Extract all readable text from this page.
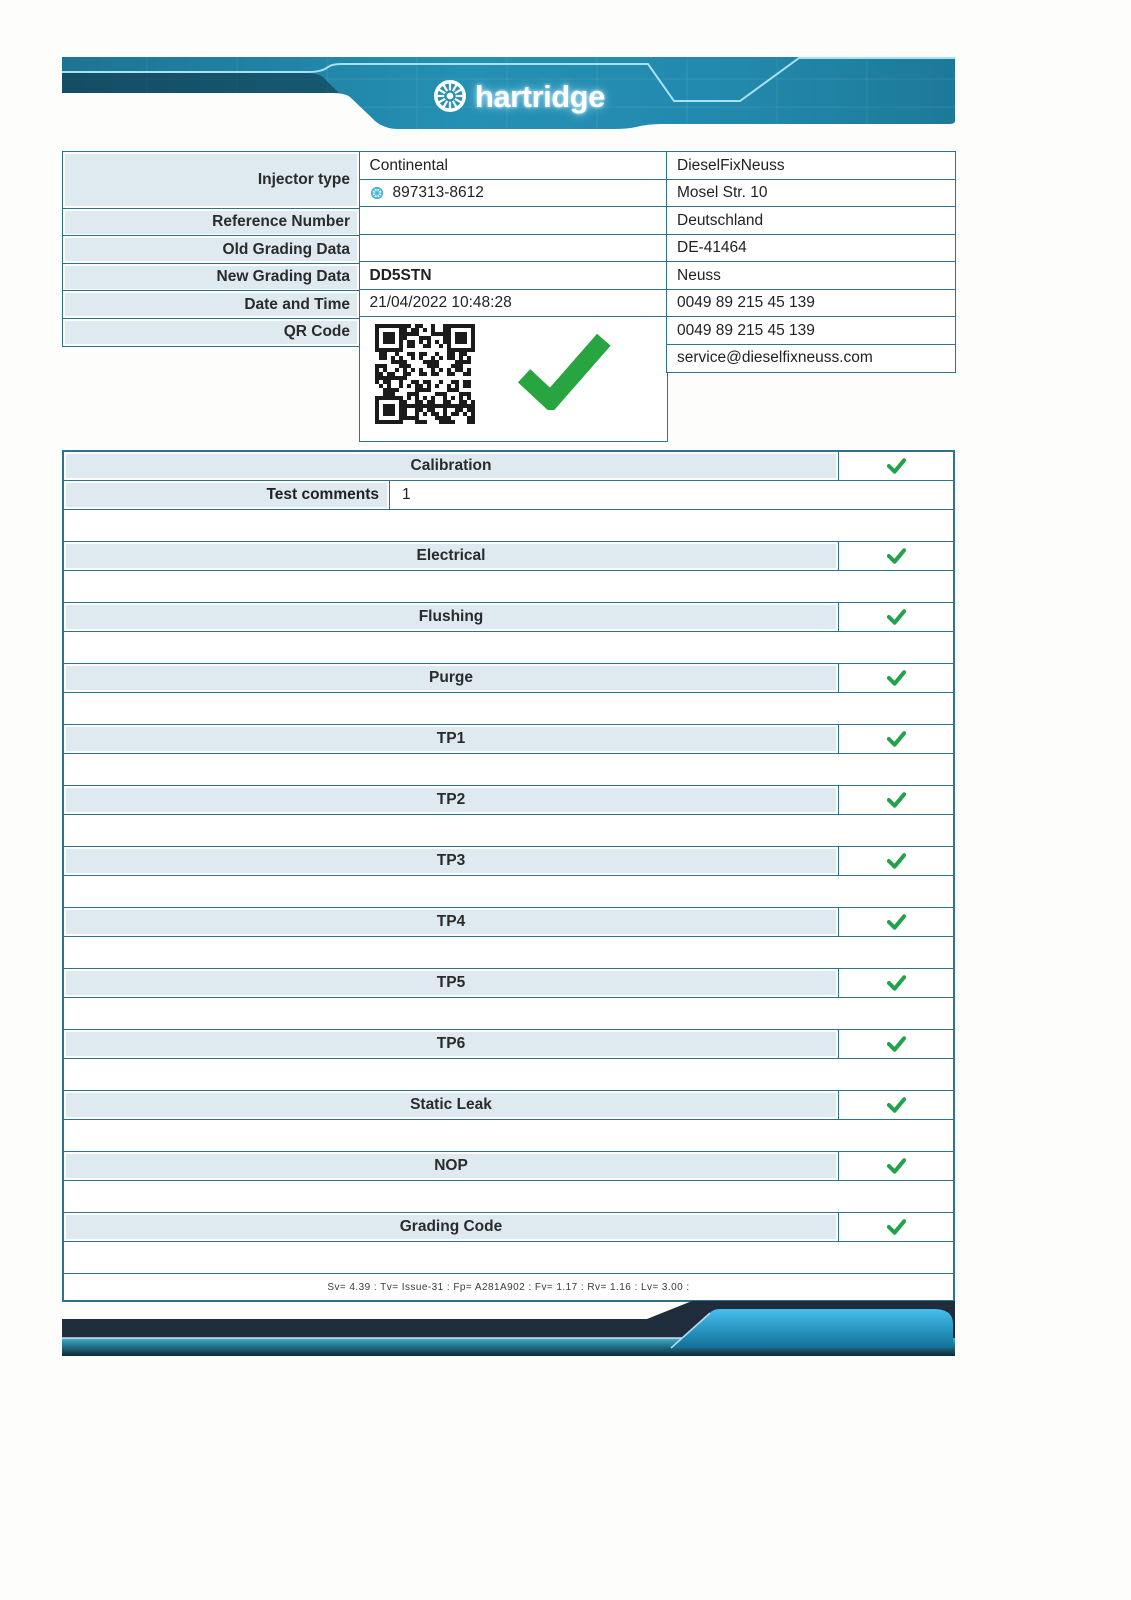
hartridge
Injector type
Reference Number
Old Grading Data
New Grading Data
Date and Time
QR Code
Continental
897313-8612
DD5STN
21/04/2022 10:48:28
DieselFixNeuss
Mosel Str. 10
Deutschland
DE-41464
Neuss
0049 89 215 45 139
0049 89 215 45 139
service@dieselfixneuss.com
Calibration
Test comments	1
Electrical
Flushing
Purge
TP1
TP2
TP3
TP4
TP5
TP6
Static Leak
NOP
Grading Code
Sv= 4.39 : Tv= Issue-31 : Fp= A281A902 : Fv= 1.17 : Rv= 1.16 : Lv= 3.00 :
